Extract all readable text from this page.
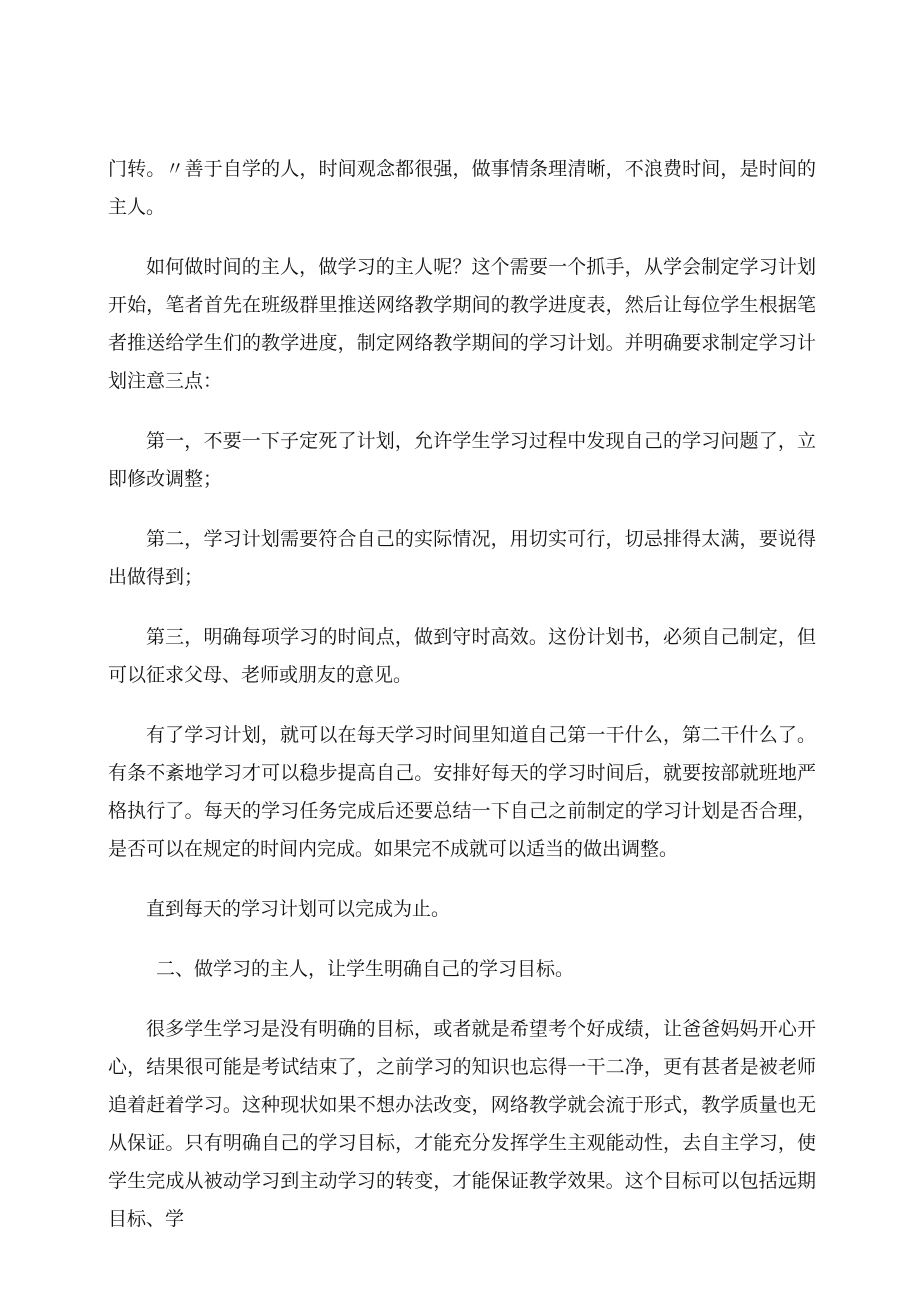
门转。〃善于自学的人，时间观念都很强，做事情条理清晰，不浪费时间，是时间的主人。

如何做时间的主人，做学习的主人呢？这个需要一个抓手，从学会制定学习计划开始，笔者首先在班级群里推送网络教学期间的教学进度表，然后让每位学生根据笔者推送给学生们的教学进度，制定网络教学期间的学习计划。并明确要求制定学习计划注意三点：

第一，不要一下子定死了计划，允许学生学习过程中发现自己的学习问题了，立即修改调整；

第二，学习计划需要符合自己的实际情况，用切实可行，切忌排得太满，要说得出做得到；

第三，明确每项学习的时间点，做到守时高效。这份计划书，必须自己制定，但可以征求父母、老师或朋友的意见。

有了学习计划，就可以在每天学习时间里知道自己第一干什么，第二干什么了。有条不紊地学习才可以稳步提高自己。安排好每天的学习时间后，就要按部就班地严格执行了。每天的学习任务完成后还要总结一下自己之前制定的学习计划是否合理，是否可以在规定的时间内完成。如果完不成就可以适当的做出调整。

直到每天的学习计划可以完成为止。

二、做学习的主人，让学生明确自己的学习目标。

很多学生学习是没有明确的目标，或者就是希望考个好成绩，让爸爸妈妈开心开心，结果很可能是考试结束了，之前学习的知识也忘得一干二净，更有甚者是被老师追着赶着学习。这种现状如果不想办法改变，网络教学就会流于形式，教学质量也无从保证。只有明确自己的学习目标，才能充分发挥学生主观能动性，去自主学习，使学生完成从被动学习到主动学习的转变，才能保证教学效果。这个目标可以包括远期目标、学
